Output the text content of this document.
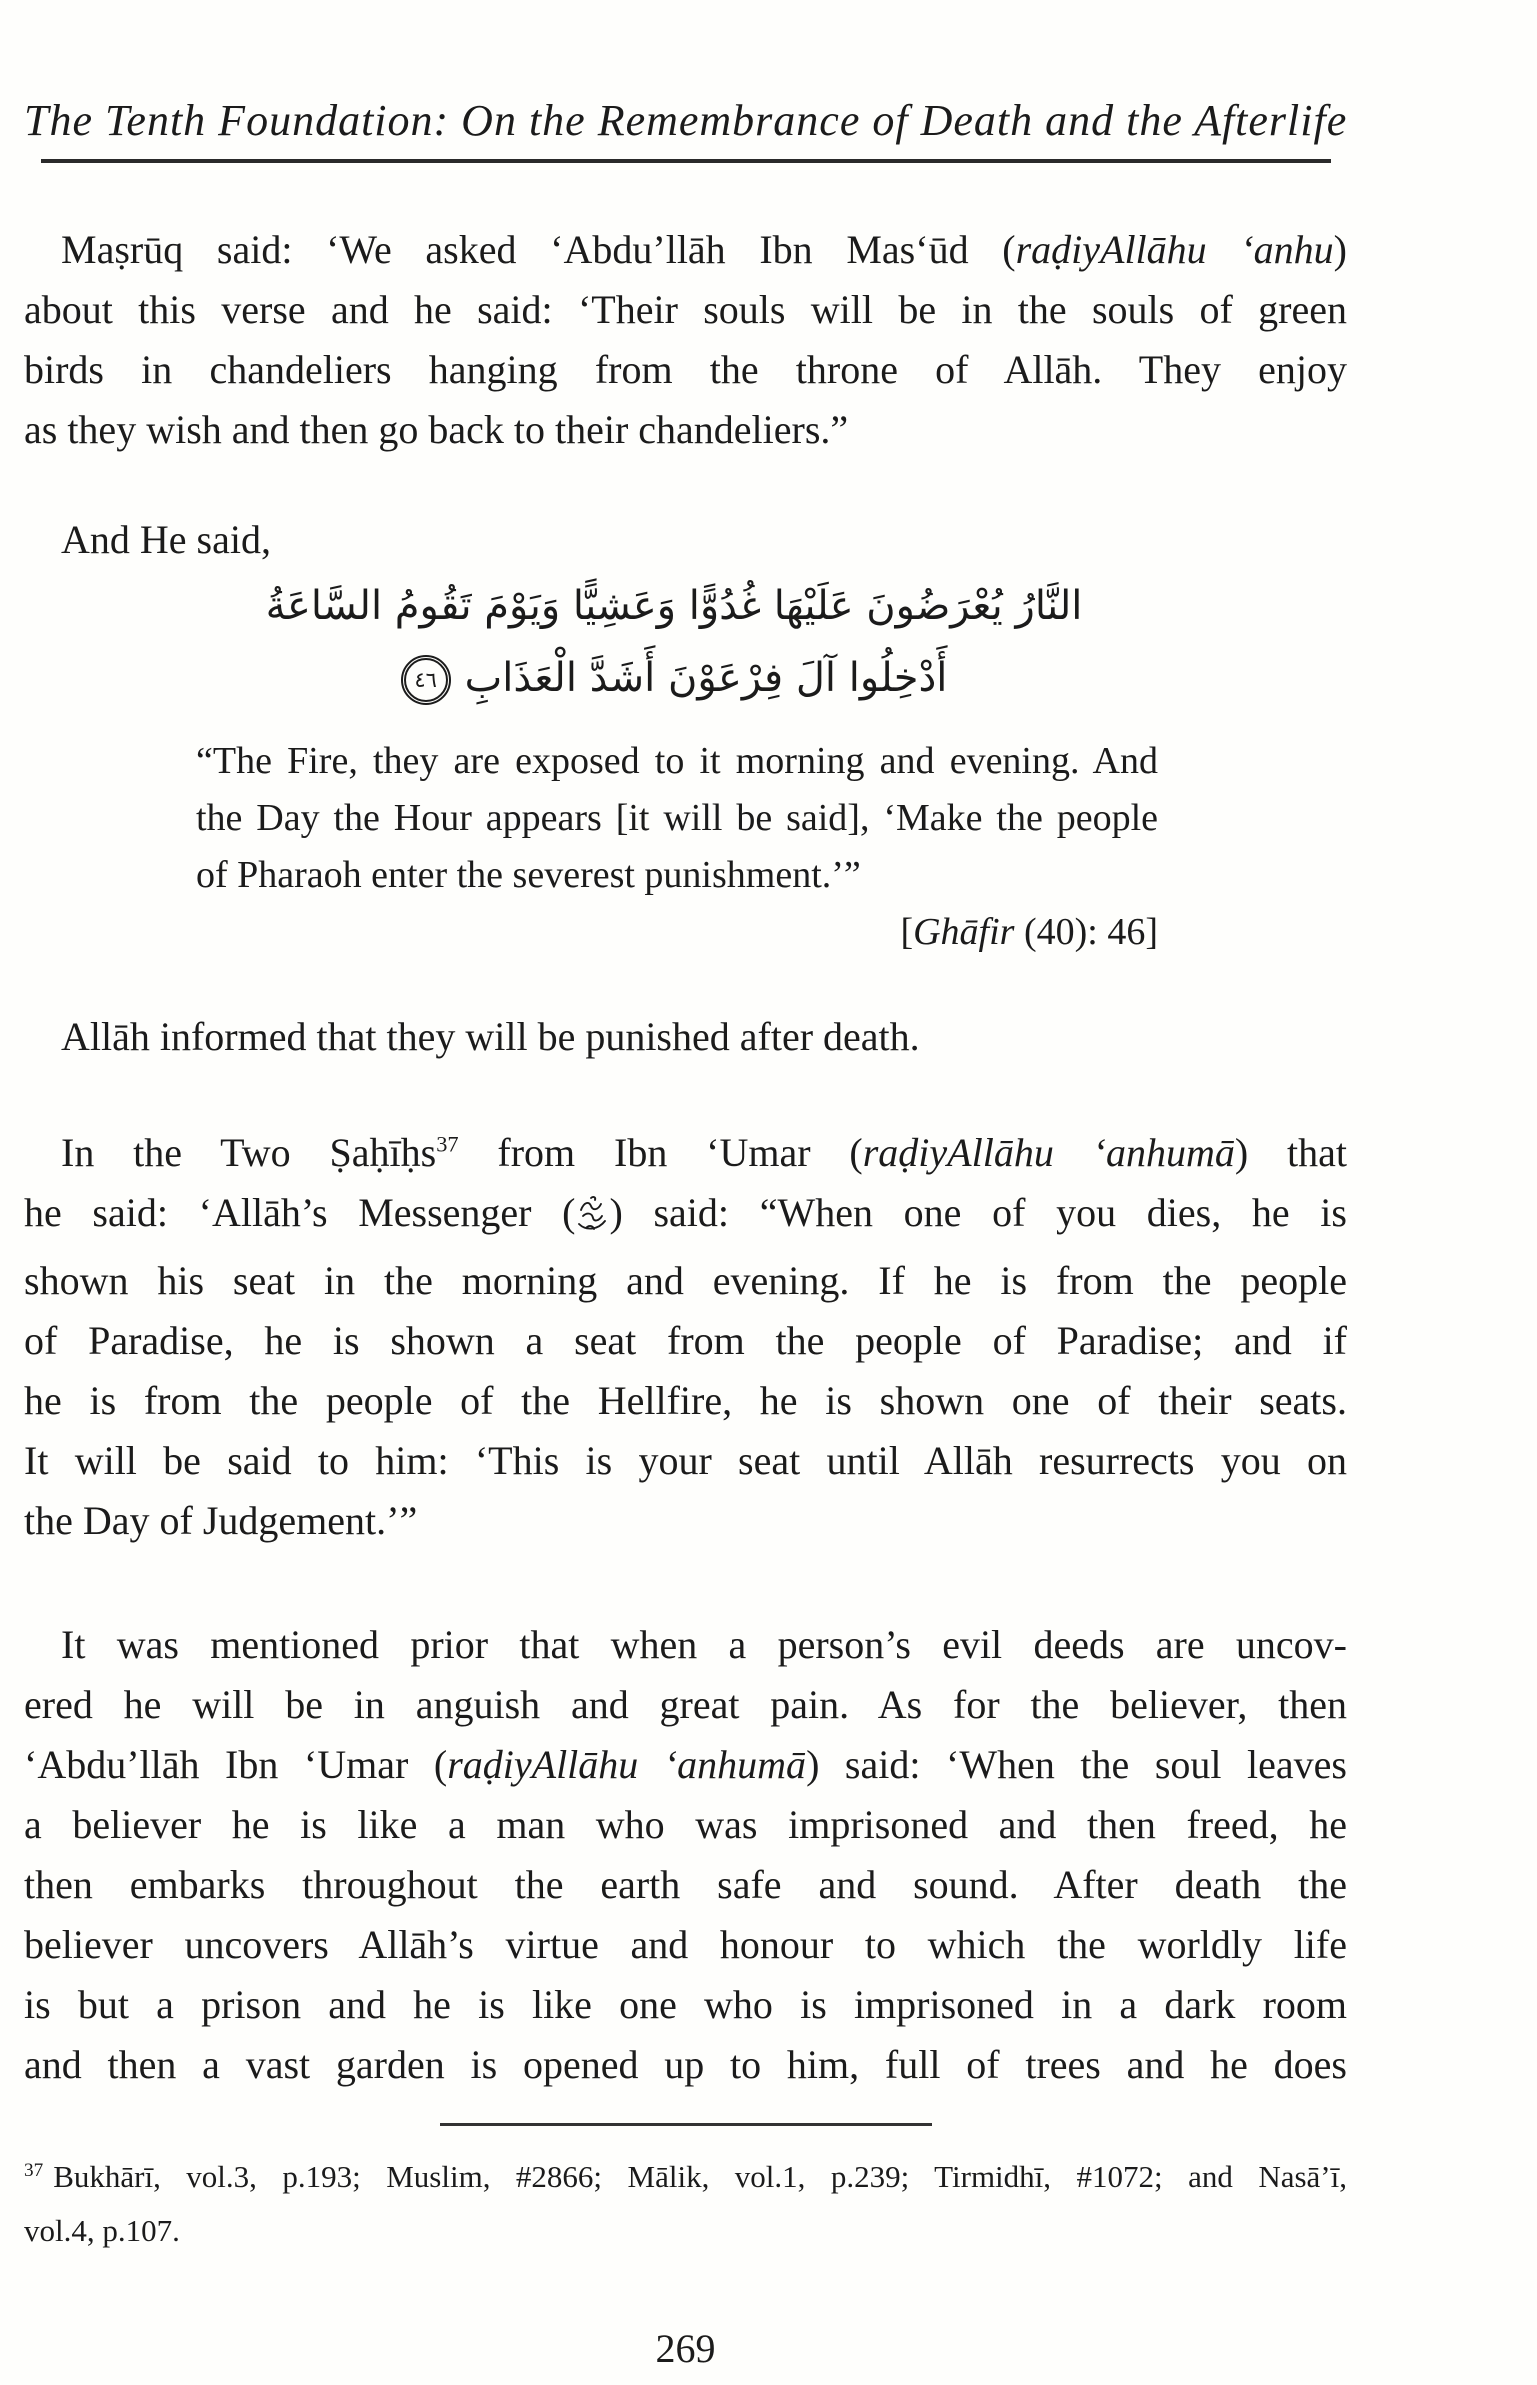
The Tenth Foundation: On the Remembrance of Death and the Afterlife
Maṣrūq said: ‘We asked ‘Abdu’llāh Ibn Mas‘ūd (raḍiyAllāhu ‘anhu)
about this verse and he said: ‘Their souls will be in the souls of green
birds in chandeliers hanging from the throne of Allāh. They enjoy
as they wish and then go back to their chandeliers.”
And He said,
النَّارُ يُعْرَضُونَ عَلَيْهَا غُدُوًّا وَعَشِيًّا وَيَوْمَ تَقُومُ السَّاعَةُ
أَدْخِلُوا آلَ فِرْعَوْنَ أَشَدَّ الْعَذَابِ٤٦
“The Fire, they are exposed to it morning and evening. And
the Day the Hour appears [it will be said], ‘Make the people
of Pharaoh enter the severest punishment.’”
[Ghāfir (40): 46]
Allāh informed that they will be punished after death.
In the Two Ṣaḥīḥs$^{37}$ from Ibn ‘Umar (raḍiyAllāhu ‘anhumā) that
he said: ‘Allāh’s Messenger ( ) said: “When one of you dies, he is
shown his seat in the morning and evening. If he is from the people
of Paradise, he is shown a seat from the people of Paradise; and if
he is from the people of the Hellfire, he is shown one of their seats.
It will be said to him: ‘This is your seat until Allāh resurrects you on
the Day of Judgement.’”
It was mentioned prior that when a person’s evil deeds are uncov-
ered he will be in anguish and great pain. As for the believer, then
‘Abdu’llāh Ibn ‘Umar (raḍiyAllāhu ‘anhumā) said: ‘When the soul leaves
a believer he is like a man who was imprisoned and then freed, he
then embarks throughout the earth safe and sound. After death the
believer uncovers Allāh’s virtue and honour to which the worldly life
is but a prison and he is like one who is imprisoned in a dark room
and then a vast garden is opened up to him, full of trees and he does
$^{37}$ Bukhārī, vol.3, p.193; Muslim, #2866; Mālik, vol.1, p.239; Tirmidhī, #1072; and Nasā’ī,
vol.4, p.107.
269
